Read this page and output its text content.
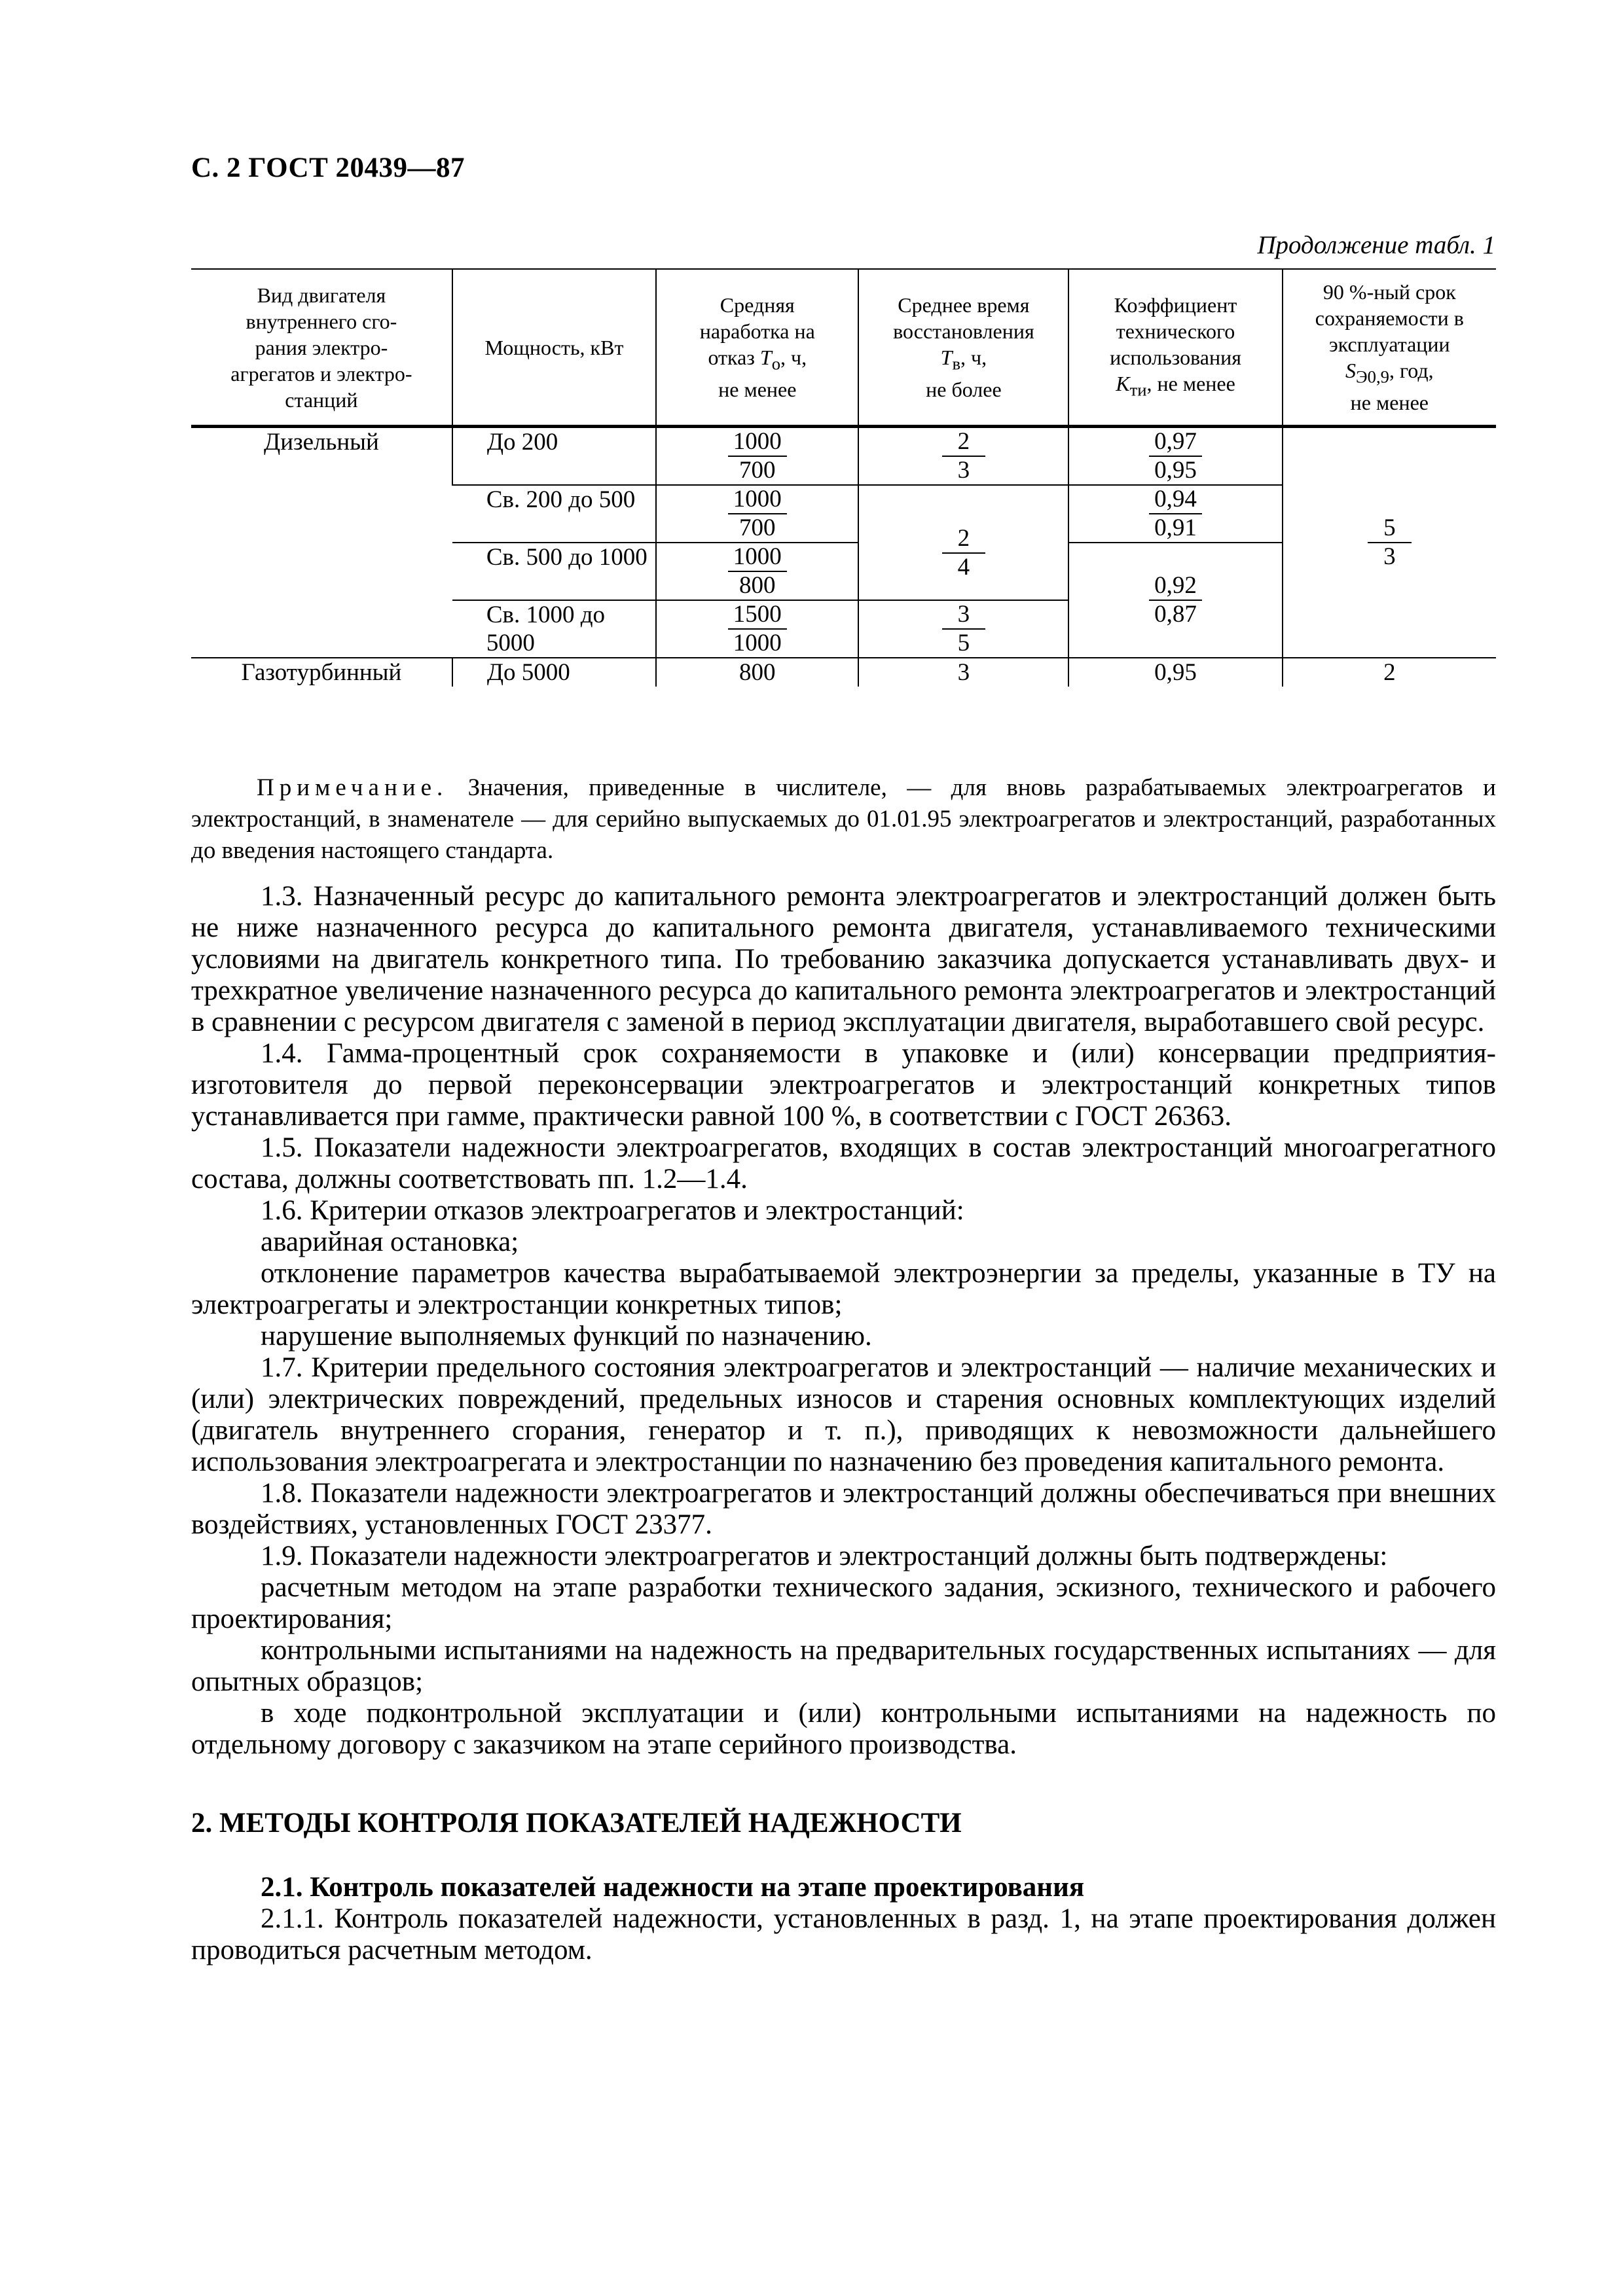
С. 2 ГОСТ 20439—87
Продолжение табл. 1
Вид двигателя
внутреннего сго-
рания электро-
агрегатов и электро-
станций	Мощность, кВт	Средняя
наработка на
отказ $T_о$, ч,
не менее	Среднее время
восстановления
$T_в$, ч,
не более	Коэффициент
технического
использования
$K_{ти}$, не менее	90 %-ный срок
сохраняемости в
эксплуатации
$S_{Э0,9}$, год,
не менее
Дизельный	До 200	$\frac{1000}{700}$	$\frac{2}{3}$	$\frac{0,97}{0,95}$	$\frac{5}{3}$

	Св. 200 до 500	$\frac{1000}{700}$	$\frac{2}{4}$	$\frac{0,94}{0,91}$

	Св. 500 до 1000	$\frac{1000}{800}$		$\frac{0,92}{0,87}$

	Св. 1000 до 5000	$\frac{1500}{1000}$	$\frac{3}{5}$

Газотурбинный	До 5000	800	3	0,95	2
Примечание. Значения, приведенные в числителе, — для вновь разрабатываемых электроагрегатов и электростанций, в знаменателе — для серийно выпускаемых до 01.01.95 электроагрегатов и электростанций, разработанных до введения настоящего стандарта.

1.3. Назначенный ресурс до капитального ремонта электроагрегатов и электростанций должен быть не ниже назначенного ресурса до капитального ремонта двигателя, устанавливаемого техническими условиями на двигатель конкретного типа. По требованию заказчика допускается устанавливать двух- и трехкратное увеличение назначенного ресурса до капитального ремонта электроагрегатов и электростанций в сравнении с ресурсом двигателя с заменой в период эксплуатации двигателя, выработавшего свой ресурс.

1.4. Гамма-процентный срок сохраняемости в упаковке и (или) консервации предприятия-изготовителя до первой переконсервации электроагрегатов и электростанций конкретных типов устанавливается при гамме, практически равной 100 %, в соответствии с ГОСТ 26363.

1.5. Показатели надежности электроагрегатов, входящих в состав электростанций многоагрегатного состава, должны соответствовать пп. 1.2—1.4.

1.6. Критерии отказов электроагрегатов и электростанций:

аварийная остановка;

отклонение параметров качества вырабатываемой электроэнергии за пределы, указанные в ТУ на электроагрегаты и электростанции конкретных типов;

нарушение выполняемых функций по назначению.

1.7. Критерии предельного состояния электроагрегатов и электростанций — наличие механических и (или) электрических повреждений, предельных износов и старения основных комплектующих изделий (двигатель внутреннего сгорания, генератор и т. п.), приводящих к невозможности дальнейшего использования электроагрегата и электростанции по назначению без проведения капитального ремонта.

1.8. Показатели надежности электроагрегатов и электростанций должны обеспечиваться при внешних воздействиях, установленных ГОСТ 23377.

1.9. Показатели надежности электроагрегатов и электростанций должны быть подтверждены:

расчетным методом на этапе разработки технического задания, эскизного, технического и рабочего проектирования;

контрольными испытаниями на надежность на предварительных государственных испытаниях — для опытных образцов;

в ходе подконтрольной эксплуатации и (или) контрольными испытаниями на надежность по отдельному договору с заказчиком на этапе серийного производства.

2. МЕТОДЫ КОНТРОЛЯ ПОКАЗАТЕЛЕЙ НАДЕЖНОСТИ

2.1. Контроль показателей надежности на этапе проектирования

2.1.1. Контроль показателей надежности, установленных в разд. 1, на этапе проектирования должен проводиться расчетным методом.
